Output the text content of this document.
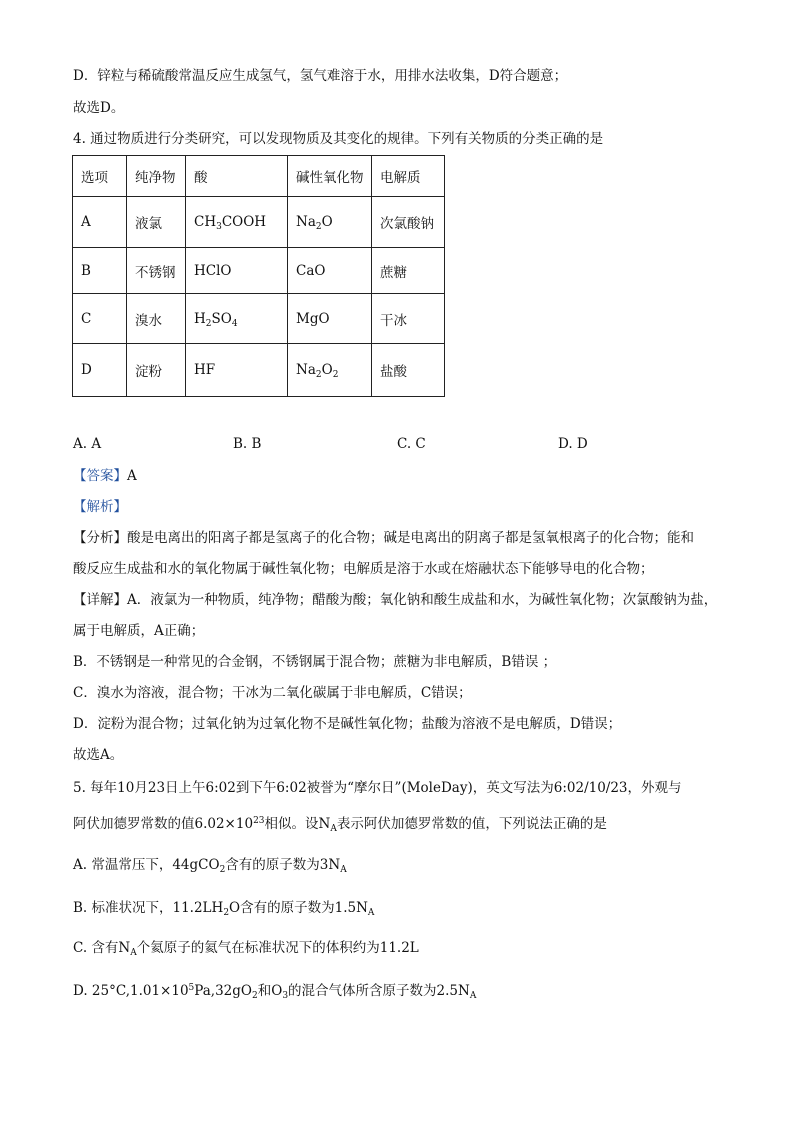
D．锌粒与稀硫酸常温反应生成氢气，氢气难溶于水，用排水法收集，D符合题意；
故选D。
4. 通过物质进行分类研究，可以发现物质及其变化的规律。下列有关物质的分类正确的是
选项	纯净物	酸	碱性氧化物	电解质
A	液氯	$CH_3COOH$	$Na_2O$	次氯酸钠
B	不锈钢	HClO	CaO	蔗糖
C	溴水	$H_2SO_4$	MgO	干冰
D	淀粉	HF	$Na_2O_2$	盐酸
A. A	B. B	C. C	D. D
【答案】A
【解析】
【分析】酸是电离出的阳离子都是氢离子的化合物；碱是电离出的阴离子都是氢氧根离子的化合物；能和
酸反应生成盐和水的氧化物属于碱性氧化物；电解质是溶于水或在熔融状态下能够导电的化合物；
【详解】A．液氯为一种物质，纯净物；醋酸为酸；氧化钠和酸生成盐和水，为碱性氧化物；次氯酸钠为盐，
属于电解质，A正确；
B．不锈钢是一种常见的合金钢，不锈钢属于混合物；蔗糖为非电解质，B错误 ；
C．溴水为溶液，混合物；干冰为二氧化碳属于非电解质，C错误；
D．淀粉为混合物；过氧化钠为过氧化物不是碱性氧化物；盐酸为溶液不是电解质，D错误；
故选A。
5. 每年10月23日上午6:02到下午6:02被誉为“摩尔日”(MoleDay)，英文写法为6:02/10/23，外观与
阿伏加德罗常数的值$6.02\times 10^{23}$相似。设$N_A$表示阿伏加德罗常数的值，下列说法正确的是
A. 常温常压下，44gCO$_2$含有的原子数为$3N_A$
B. 标准状况下，$11.2LH_2O$含有的原子数为$1.5N_A$
C. 含有$N_A$个氦原子的氦气在标准状况下的体积约为11.2L
D. $25^\circ C,1.01\times 10^5Pa,32gO_2$和$O_3$的混合气体所含原子数为$2.5N_A$
